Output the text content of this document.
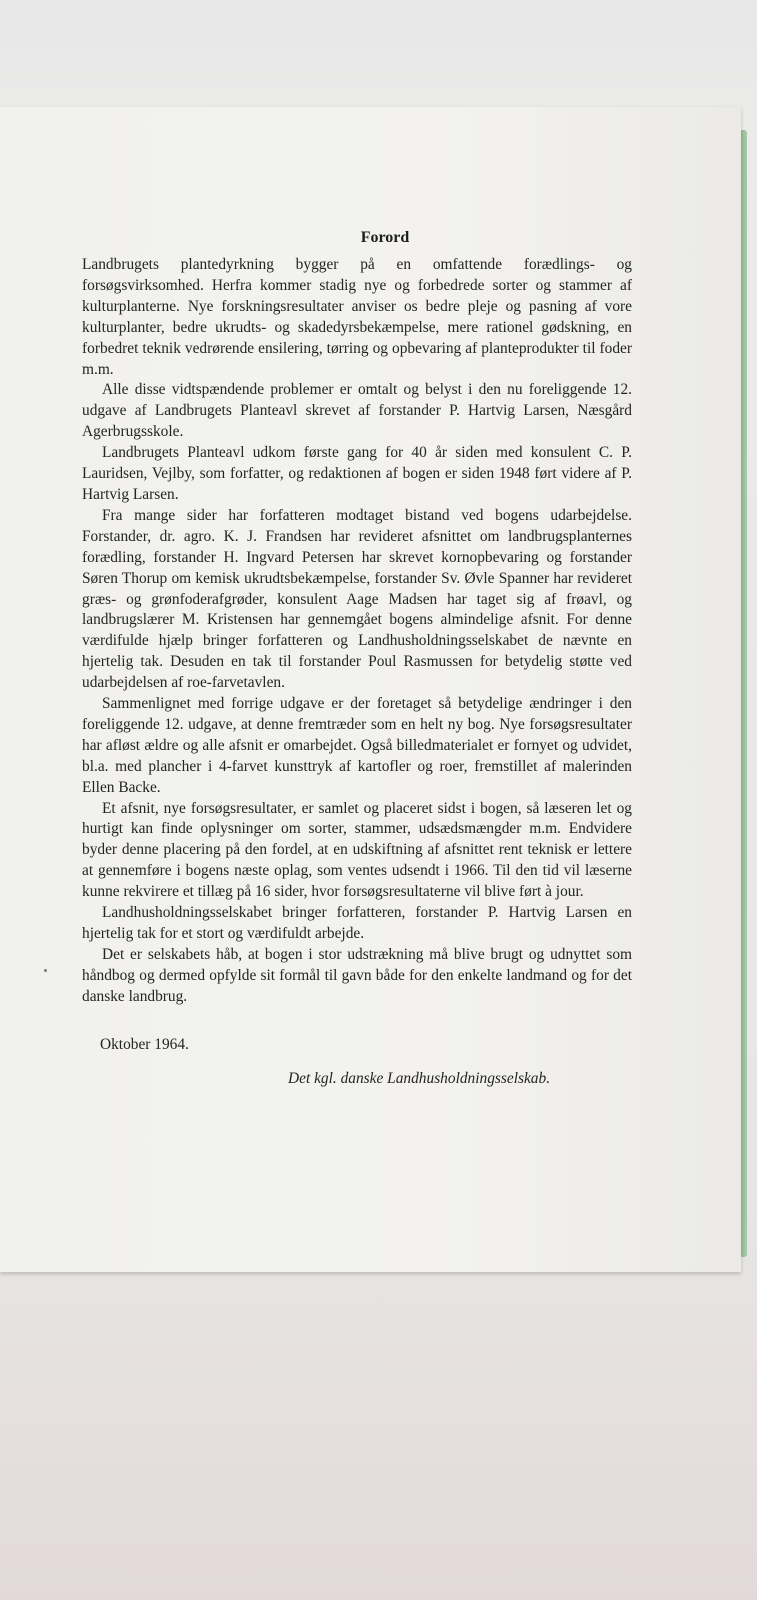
Forord

Landbrugets plantedyrkning bygger på en omfattende forædlings- og forsøgsvirksomhed. Herfra kommer stadig nye og forbedrede sorter og stammer af kulturplanterne. Nye forskningsresultater anviser os bedre pleje og pasning af vore kulturplanter, bedre ukrudts- og skadedyrsbekæmpelse, mere rationel gødskning, en forbedret teknik vedrørende ensilering, tørring og opbevaring af planteprodukter til foder m.m.

Alle disse vidtspændende problemer er omtalt og belyst i den nu foreliggende 12. udgave af Landbrugets Planteavl skrevet af forstander P. Hartvig Larsen, Næsgård Agerbrugsskole.

Landbrugets Planteavl udkom første gang for 40 år siden med konsulent C. P. Lauridsen, Vejlby, som forfatter, og redaktionen af bogen er siden 1948 ført videre af P. Hartvig Larsen.

Fra mange sider har forfatteren modtaget bistand ved bogens udarbejdelse. Forstander, dr. agro. K. J. Frandsen har revideret afsnittet om landbrugsplanternes forædling, forstander H. Ingvard Petersen har skrevet kornopbevaring og forstander Søren Thorup om kemisk ukrudtsbekæmpelse, forstander Sv. Øvle Spanner har revideret græs- og grønfoderafgrøder, konsulent Aage Madsen har taget sig af frøavl, og landbrugslærer M. Kristensen har gennemgået bogens almindelige afsnit. For denne værdifulde hjælp bringer forfatteren og Landhusholdningsselskabet de nævnte en hjertelig tak. Desuden en tak til forstander Poul Rasmussen for betydelig støtte ved udarbejdelsen af roe-farvetavlen.

Sammenlignet med forrige udgave er der foretaget så betydelige ændringer i den foreliggende 12. udgave, at denne fremtræder som en helt ny bog. Nye forsøgsresultater har afløst ældre og alle afsnit er omarbejdet. Også billedmaterialet er fornyet og udvidet, bl.a. med plancher i 4-farvet kunsttryk af kartofler og roer, fremstillet af malerinden Ellen Backe.

Et afsnit, nye forsøgsresultater, er samlet og placeret sidst i bogen, så læseren let og hurtigt kan finde oplysninger om sorter, stammer, udsædsmængder m.m. Endvidere byder denne placering på den fordel, at en udskiftning af afsnittet rent teknisk er lettere at gennemføre i bogens næste oplag, som ventes udsendt i 1966. Til den tid vil læserne kunne rekvirere et tillæg på 16 sider, hvor forsøgsresultaterne vil blive ført à jour.

Landhusholdningsselskabet bringer forfatteren, forstander P. Hartvig Larsen en hjertelig tak for et stort og værdifuldt arbejde.

Det er selskabets håb, at bogen i stor udstrækning må blive brugt og udnyttet som håndbog og dermed opfylde sit formål til gavn både for den enkelte landmand og for det danske landbrug.

Oktober 1964.
Det kgl. danske Landhusholdningsselskab.
